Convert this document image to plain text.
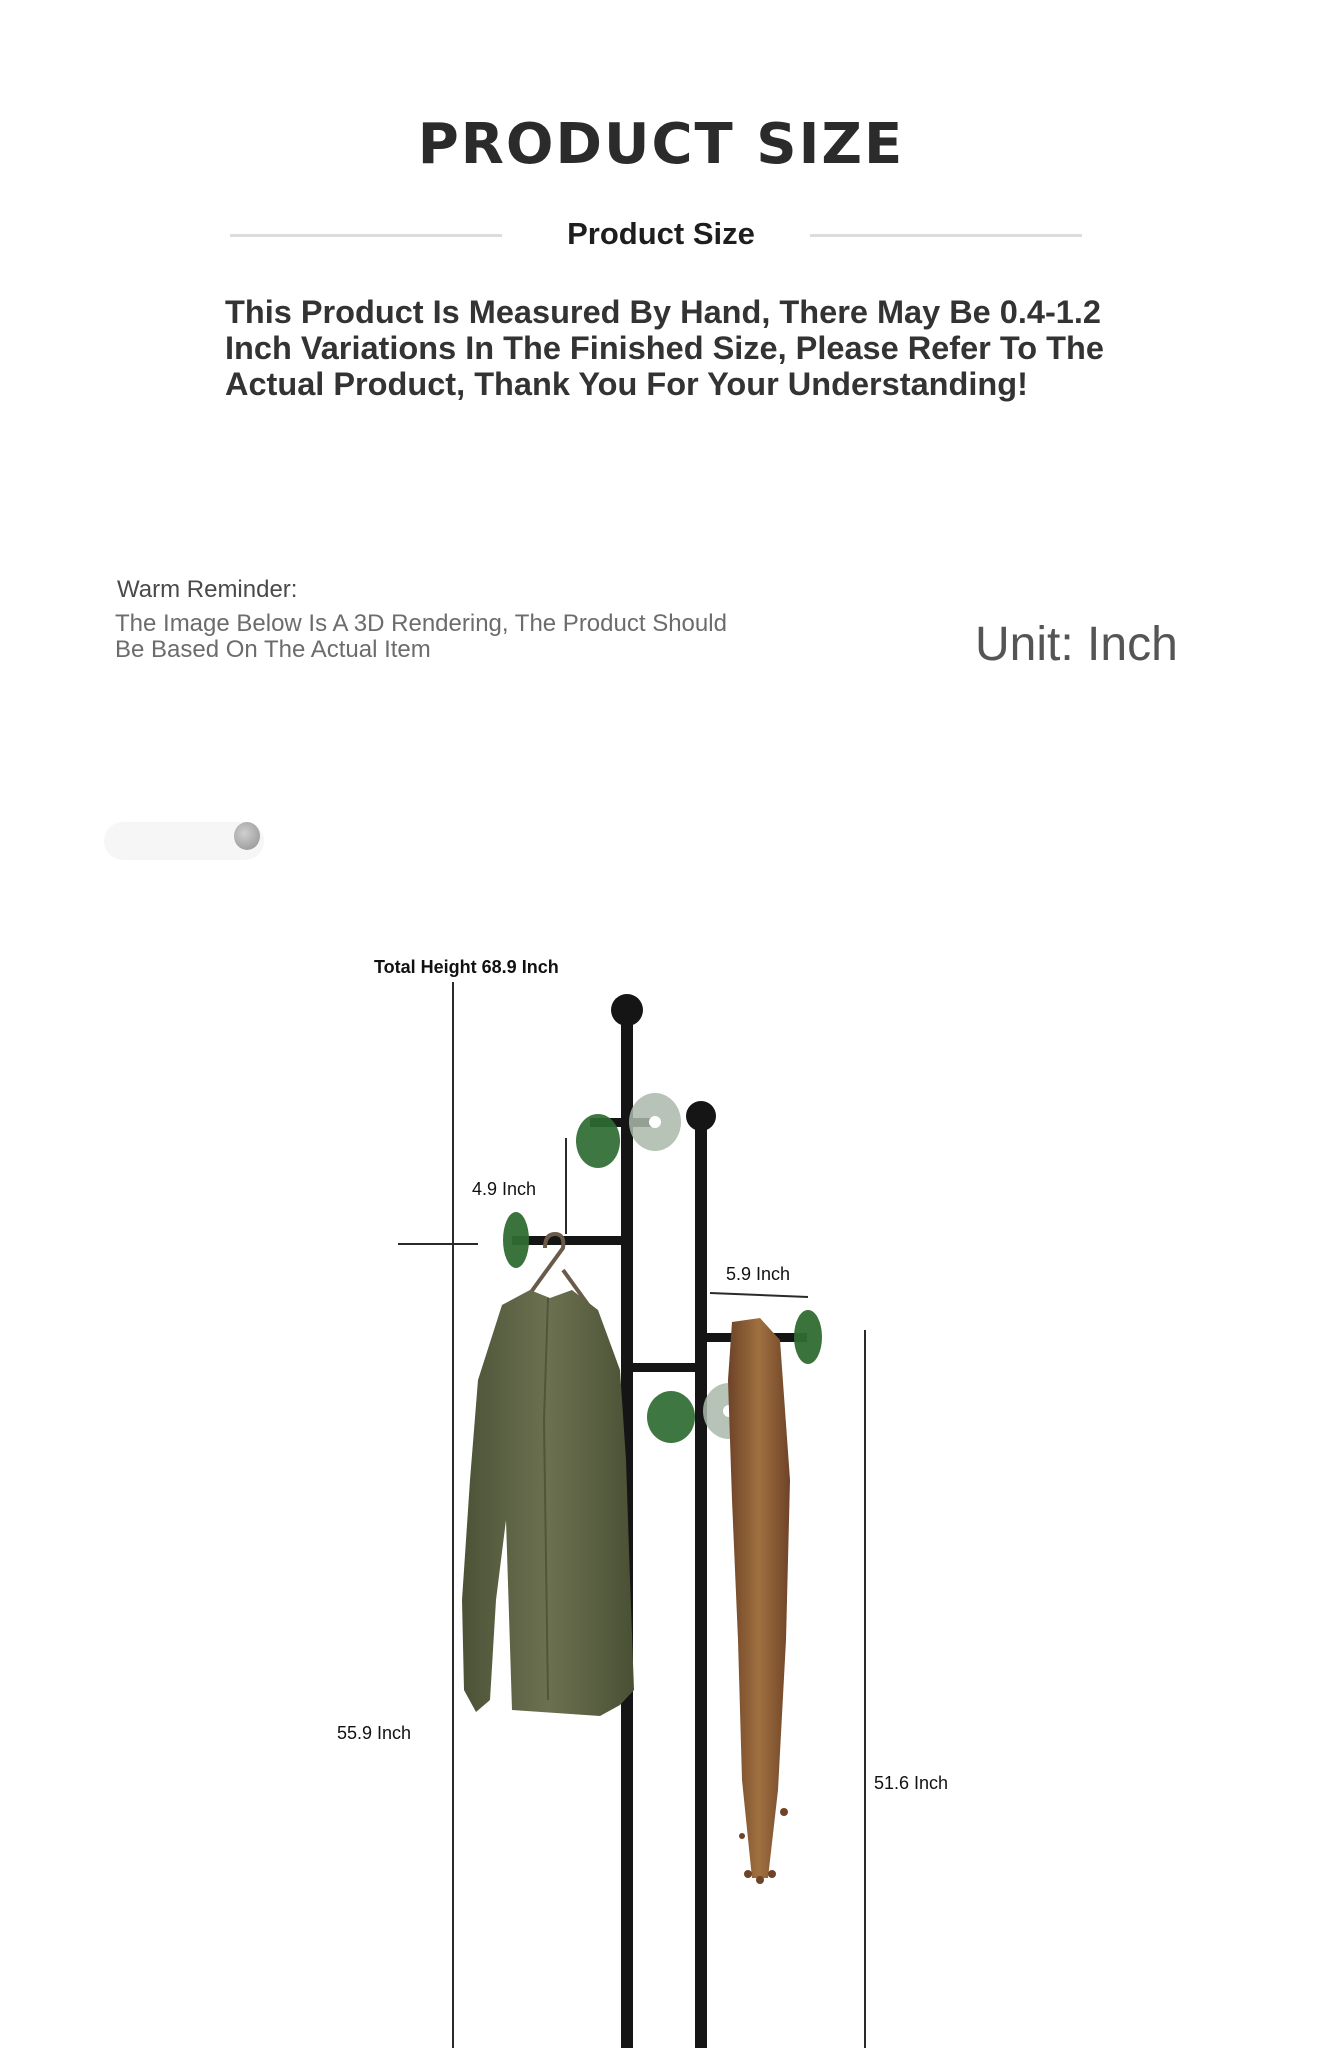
PRODUCT SIZE
Product Size
This Product Is Measured By Hand, There May Be 0.4-1.2 Inch Variations In The Finished Size, Please Refer To The Actual Product, Thank You For Your Understanding!
Warm Reminder:
The Image Below Is A 3D Rendering, The Product Should Be Based On The Actual Item	Unit: Inch
Total Height 68.9 Inch
4.9 Inch
5.9 Inch
55.9 Inch
51.6 Inch
